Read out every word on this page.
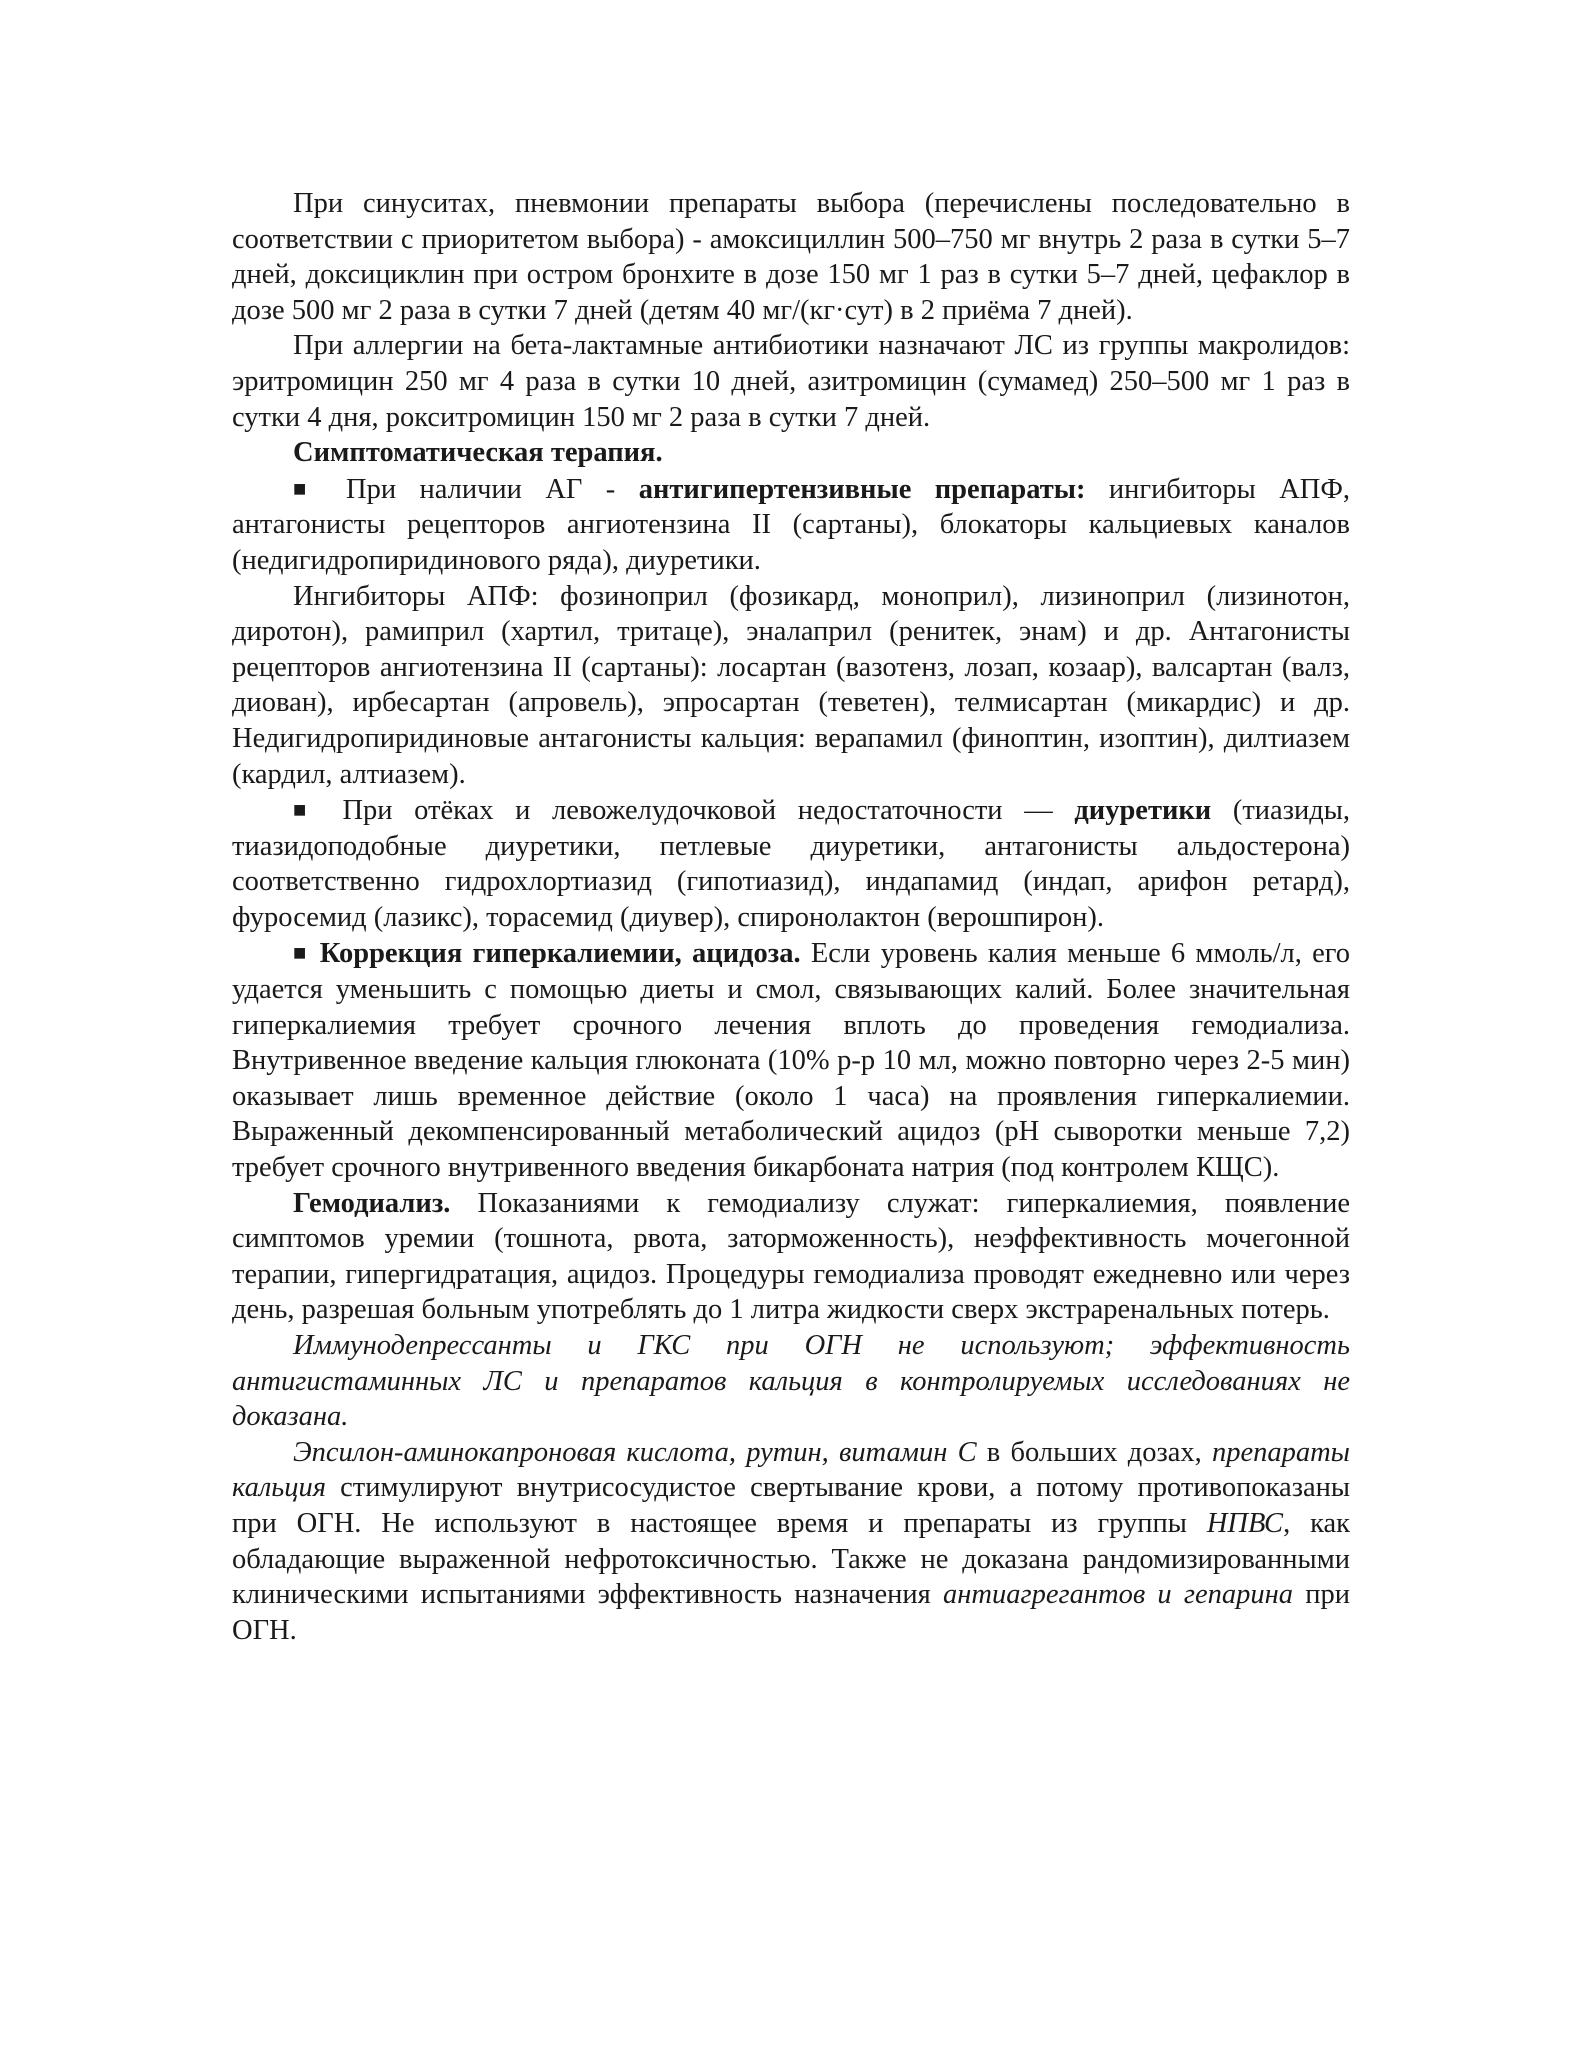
При синуситах, пневмонии препараты выбора (перечислены последовательно в соответствии с приоритетом выбора) - амоксициллин 500–750 мг внутрь 2 раза в сутки 5–7 дней, доксициклин при остром бронхите в дозе 150 мг 1 раз в сутки 5–7 дней, цефаклор в дозе 500 мг 2 раза в сутки 7 дней (детям 40 мг/(кг·сут) в 2 приёма 7 дней).

При аллергии на бета-лактамные антибиотики назначают ЛС из группы макролидов: эритромицин 250 мг 4 раза в сутки 10 дней, азитромицин (сумамед) 250–500 мг 1 раз в сутки 4 дня, рокситромицин 150 мг 2 раза в сутки 7 дней.

Симптоматическая терапия.

■ При наличии АГ - антигипертензивные препараты: ингибиторы АПФ, антагонисты рецепторов ангиотензина II (сартаны), блокаторы кальциевых каналов (недигидропиридинового ряда), диуретики.

Ингибиторы АПФ: фозиноприл (фозикард, моноприл), лизиноприл (лизинотон, диротон), рамиприл (хартил, тритаце), эналаприл (ренитек, энам) и др. Антагонисты рецепторов ангиотензина II (сартаны): лосартан (вазотенз, лозап, козаар), валсартан (валз, диован), ирбесартан (апровель), эпросартан (теветен), телмисартан (микардис) и др. Недигидропиридиновые антагонисты кальция: верапамил (финоптин, изоптин), дилтиазем (кардил, алтиазем).

■ При отёках и левожелудочковой недостаточности — диуретики (тиазиды, тиазидоподобные диуретики, петлевые диуретики, антагонисты альдостерона) соответственно гидрохлортиазид (гипотиазид), индапамид (индап, арифон ретард), фуросемид (лазикс), торасемид (диувер), спиронолактон (верошпирон).

■ Коррекция гиперкалиемии, ацидоза. Если уровень калия меньше 6 ммоль/л, его удается уменьшить с помощью диеты и смол, связывающих калий. Более значительная гиперкалиемия требует срочного лечения вплоть до проведения гемодиализа. Внутривенное введение кальция глюконата (10% р-р 10 мл, можно повторно через 2-5 мин) оказывает лишь временное действие (около 1 часа) на проявления гиперкалиемии. Выраженный декомпенсированный метаболический ацидоз (pH сыворотки меньше 7,2) требует срочного внутривенного введения бикарбоната натрия (под контролем КЩС).

Гемодиализ. Показаниями к гемодиализу служат: гиперкалиемия, появление симптомов уремии (тошнота, рвота, заторможенность), неэффективность мочегонной терапии, гипергидратация, ацидоз. Процедуры гемодиализа проводят ежедневно или через день, разрешая больным употреблять до 1 литра жидкости сверх экстраренальных потерь.

Иммунодепрессанты и ГКС при ОГН не используют; эффективность антигистаминных ЛС и препаратов кальция в контролируемых исследованиях не доказана.

Эпсилон-аминокапроновая кислота, рутин, витамин С в больших дозах, препараты кальция стимулируют внутрисосудистое свертывание крови, а потому противопоказаны при ОГН. Не используют в настоящее время и препараты из группы НПВС, как обладающие выраженной нефротоксичностью. Также не доказана рандомизированными клиническими испытаниями эффективность назначения антиагрегантов и гепарина при ОГН.
